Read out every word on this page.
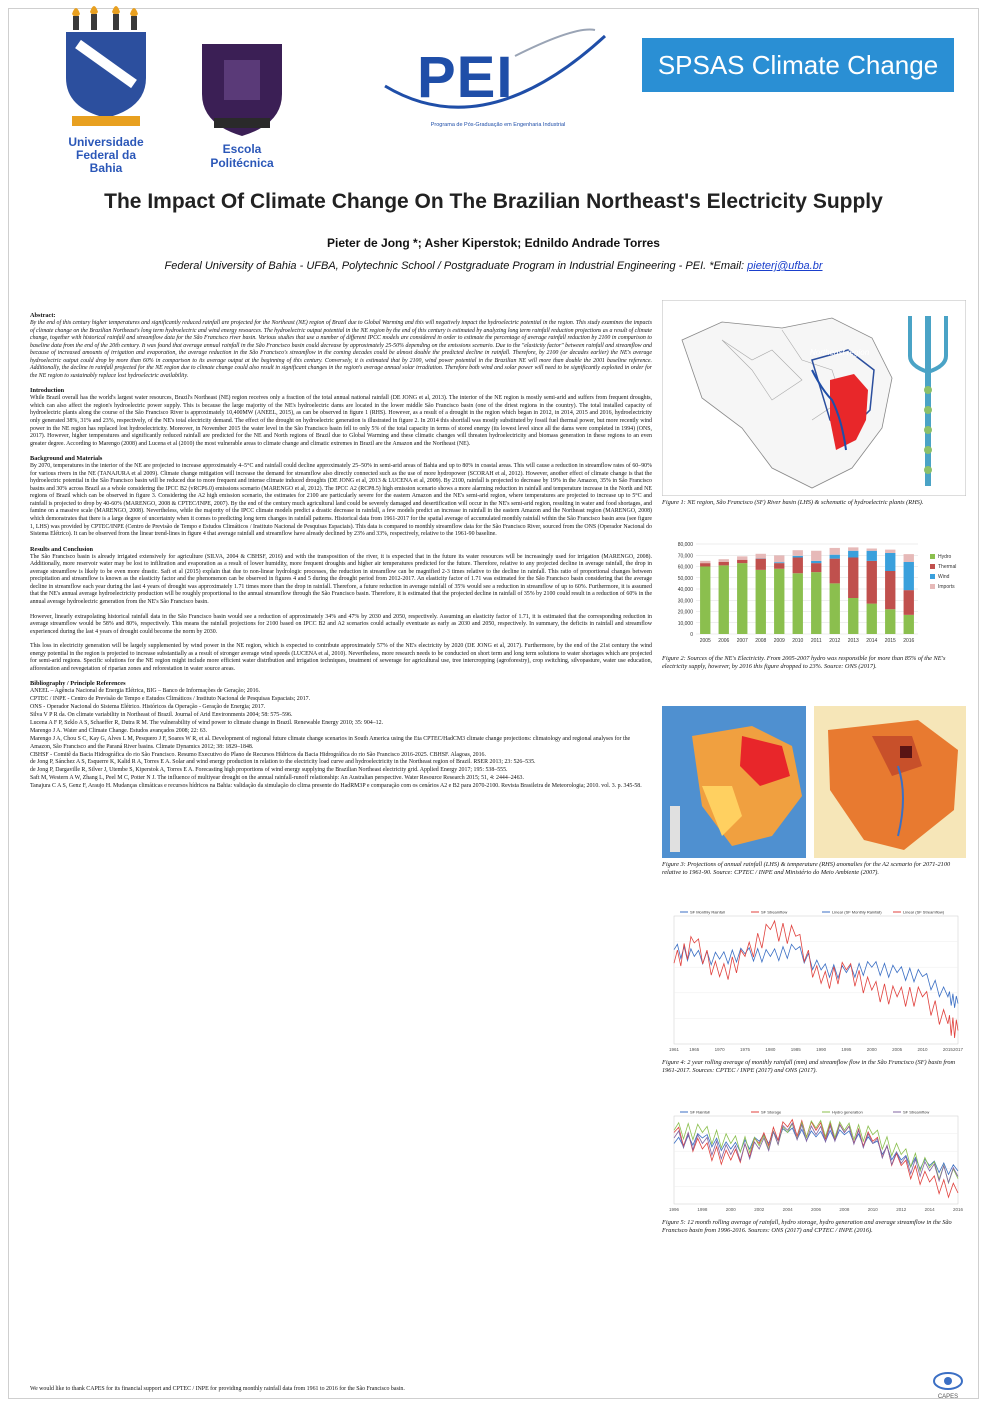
Universidade
Federal da Bahia
Escola Politécnica
PEI
Programa de Pós-Graduação em Engenharia Industrial
SPSAS Climate Change
The Impact Of Climate Change On The Brazilian Northeast's Electricity Supply
Pieter de Jong *; Asher Kiperstok; Ednildo Andrade Torres
Federal University of Bahia - UFBA, Polytechnic School / Postgraduate Program in Industrial Engineering - PEI. *Email: pieterj@ufba.br
Abstract:

By the end of this century higher temperatures and significantly reduced rainfall are projected for the Northeast (NE) region of Brazil due to Global Warming and this will negatively impact the hydroelectric potential in the region. This study examines the impacts of climate change on the Brazilian Northeast's long term hydroelectric and wind energy resources. The hydroelectric output potential in the NE region by the end of this century is estimated by analyzing long term rainfall reduction projections as a result of climate change, together with historical rainfall and streamflow data for the São Francisco river basin. Various studies that use a number of different IPCC models are considered in order to estimate the percentage of average rainfall reduction by 2100 in comparison to baseline data from the end of the 20th century. It was found that average annual rainfall in the São Francisco basin could decrease by approximately 25-50% depending on the emissions scenario. Due to the "elasticity factor" between rainfall and streamflow and because of increased amounts of irrigation and evaporation, the average reduction in the São Francisco's streamflow in the coming decades could be almost double the predicted decline in rainfall. Therefore, by 2100 (or decades earlier) the NE's average hydroelectric output could drop by more than 60% in comparison to its average output at the beginning of this century. Conversely, it is estimated that by 2100, wind power potential in the Brazilian NE will more than double the 2001 baseline reference. Additionally, the decline in rainfall projected for the NE region due to climate change could also result in significant changes in the region's average annual solar irradiation. Therefore both wind and solar power will need to be significantly exploited in order for the NE region to sustainably replace lost hydroelectric availability.

Introduction

While Brazil overall has the world's largest water resources, Brazil's Northeast (NE) region receives only a fraction of the total annual national rainfall (DE JONG et al, 2013). The interior of the NE region is mostly semi-arid and suffers from frequent droughts, which can also affect the region's hydroelectric power supply. This is because the large majority of the NE's hydroelectric dams are located in the lower middle São Francisco basin (one of the driest regions in the country). The total installed capacity of hydroelectric plants along the course of the São Francisco River is approximately 10,400MW (ANEEL, 2015), as can be observed in figure 1 (RHS). However, as a result of a drought in the region which began in 2012, in 2014, 2015 and 2016, hydroelectricity only generated 38%, 31% and 23%, respectively, of the NE's total electricity demand. The effect of the drought on hydroelectric generation is illustrated in figure 2. In 2014 this shortfall was mostly substituted by fossil fuel thermal power, but more recently wind power in the NE region has replaced lost hydroelectricity. Moreover, in November 2015 the water level in the São Francisco basin fell to only 5% of the total capacity in terms of stored energy (its lowest level since all the dams were completed in 1994) (ONS, 2017). However, higher temperatures and significantly reduced rainfall are predicted for the NE and North regions of Brazil due to Global Warming and these climatic changes will threaten hydroelectricity and biomass generation in these regions to an even greater degree. According to Marengo (2008) and Lucena et al (2010) the most vulnerable areas to climate change and climatic extremes in Brazil are the Amazon and the Northeast (NE).

Background and Materials

By 2070, temperatures in the interior of the NE are projected to increase approximately 4–5°C and rainfall could decline approximately 25–50% in semi-arid areas of Bahia and up to 80% in coastal areas. This will cause a reduction in streamflow rates of 60–90% for various rivers in the NE (TANAJURA et al 2009). Climate change mitigation will increase the demand for streamflow also directly connected such as the use of more hydropower (SCORAH et al, 2012). However, another effect of climate change is that the hydroelectric potential in the São Francisco basin will be reduced due to more frequent and intense climate induced droughts (DE JONG et al, 2013 & LUCENA et al, 2009). By 2100, rainfall is projected to decrease by 19% in the Amazon, 35% in São Francisco basins and 30% across Brazil as a whole considering the IPCC B2 (vRCP6.0) emissions scenario (MARENGO et al, 2012). The IPCC A2 (RCP8.5) high emission scenario shows a more alarming reduction in rainfall and temperature increase in the North and NE regions of Brazil which can be observed in figure 3. Considering the A2 high emission scenario, the estimates for 2100 are particularly severe for the eastern Amazon and the NE's semi-arid region, where temperatures are projected to increase up to 5°C and rainfall is projected to drop by 40-60% (MARENGO, 2008 & CPTEC/INPE, 2007). By the end of the century much agricultural land could be severely damaged and desertification will occur in the NE's semi-arid region, resulting in water and food shortages, and famine on a massive scale (MARENGO, 2008). Nevertheless, while the majority of the IPCC climate models predict a drastic decrease in rainfall, a few models predict an increase in rainfall in the eastern Amazon and the Northeast region (MARENGO, 2008) which demonstrates that there is a large degree of uncertainty when it comes to predicting long term changes in rainfall patterns. Historical data from 1961-2017 for the spatial average of accumulated monthly rainfall within the São Francisco basin area (see figure 1, LHS) was provided by CPTEC/INPE (Centro de Previsão de Tempo e Estudos Climáticos / Instituto Nacional de Pesquisas Espaciais). This data is compared to monthly streamflow data for the São Francisco River, sourced from the ONS (Operador Nacional do Sistema Elétrico). It can be observed from the linear trend-lines in figure 4 that average rainfall and streamflow have already declined by 23% and 33%, respectively, relative to the 1961-90 baseline.

Results and Conclusion

The São Francisco basin is already irrigated extensively for agriculture (SILVA, 2004 & CBHSF, 2016) and with the transposition of the river, it is expected that in the future its water resources will be increasingly used for irrigation (MARENGO, 2008). Additionally, more reservoir water may be lost to infiltration and evaporation as a result of lower humidity, more frequent droughts and higher air temperatures predicted for the future. Therefore, relative to any projected decline in average rainfall, the drop in average streamflow is likely to be even more drastic. Saft et al (2015) explain that due to non-linear hydrologic processes, the reduction in streamflow can be magnified 2-3 times relative to the decline in rainfall. This ratio of proportional changes between precipitation and streamflow is known as the elasticity factor and the phenomenon can be observed in figures 4 and 5 during the drought period from 2012-2017. An elasticity factor of 1.71 was estimated for the São Francisco basin considering that the average decline in streamflow each year during the last 4 years of drought was approximately 1.71 times more than the drop in rainfall. Therefore, a future reduction in average rainfall of 35% would see a reduction in streamflow of up to 60%. Furthermore, it is assumed that the NE's annual average hydroelectricity production will be roughly proportional to the annual streamflow through the São Francisco basin. Therefore, it is estimated that the projected decline in rainfall of 35% by 2100 could result in a reduction of 60% in the annual average hydroelectric generation from the NE's São Francisco basin.

However, linearly extrapolating historical rainfall data in the São Francisco basin would see a reduction of approximately 34% and 47% by 2030 and 2050, respectively. Assuming an elasticity factor of 1.71, it is estimated that the corresponding reduction in average streamflow would be 58% and 80%, respectively. This means the rainfall projections for 2100 based on IPCC B2 and A2 scenarios could actually eventuate as early as 2030 and 2050, respectively. In summary, the deficits in rainfall and streamflow experienced during the last 4 years of drought could become the norm by 2030.

This loss in electricity generation will be largely supplemented by wind power in the NE region, which is expected to contribute approximately 57% of the NE's electricity by 2020 (DE JONG et al, 2017). Furthermore, by the end of the 21st century the wind energy potential in the region is projected to increase substantially as a result of stronger average wind speeds (LUCENA et al, 2010). Nevertheless, more research needs to be conducted on short term and long term solutions to water shortages which are projected for semi-arid regions. Specific solutions for the NE region might include more efficient water distribution and irrigation techniques, treatment of sewerage for agricultural use, tree intercropping (agroforestry), crop switching, silvopasture, water use education, afforestation and revegetation of riparian zones and reforestation in water source areas.

Bibliography / Principle References

ANEEL – Agência Nacional de Energia Elétrica, BIG – Banco de Informações de Geração; 2016.

CPTEC / INPE - Centro de Previsão de Tempo e Estudos Climáticos / Instituto Nacional de Pesquisas Espaciais; 2017.

ONS - Operador Nacional do Sistema Elétrico. Históricos da Operação - Geração de Energia; 2017.

Silva V P R da. On climate variability in Northeast of Brazil. Journal of Arid Environments 2004; 58: 575–596.

Lucena A F P, Szklo A S, Schaeffer R, Dutra R M. The vulnerability of wind power to climate change in Brazil. Renewable Energy 2010; 35: 904–12.

Marengo J A. Water and Climate Change. Estudos avançados 2008; 22: 63.

Marengo J A, Chou S C, Kay G, Alves L M, Pesquero J F, Soares W R, et al. Development of regional future climate change scenarios in South America using the Eta CPTEC/HadCM3 climate change projections: climatology and regional analyses for the Amazon, São Francisco and the Paraná River basins. Climate Dynamics 2012; 38: 1829–1848.

CBHSF - Comitê da Bacia Hidrográfica do rio São Francisco. Resumo Executivo do Plano de Recursos Hídricos da Bacia Hidrográfica do rio São Francisco 2016-2025. CBHSF. Alagoas, 2016.

de Jong P, Sánchez A S, Esquerre K, Kalid R A, Torres E A. Solar and wind energy production in relation to the electricity load curve and hydroelectricity in the Northeast region of Brazil. RSER 2013; 23: 526–535.

de Jong P, Dargaville R, Silver J, Utembe S, Kiperstok A, Torres E A. Forecasting high proportions of wind energy supplying the Brazilian Northeast electricity grid. Applied Energy 2017; 195: 538–555.

Saft M, Western A W, Zhang L, Peel M C, Potter N J. The influence of multiyear drought on the annual rainfall-runoff relationship: An Australian perspective. Water Resource Research 2015; 51, 4: 2444–2463.

Tanajura C A S, Genz F, Araujo H. Mudanças climáticas e recursos hídricos na Bahia: validação da simulação do clima presente do HadRM3P e comparação com os cenários A2 e B2 para 2070-2100. Revista Brasileira de Meteorologia; 2010. vol. 3. p. 345-58.

We would like to thank CAPES for its financial support and CPTEC / INPE for providing monthly rainfall data from 1961 to 2016 for the São Francisco basin.
Northeast region
Figure 1: NE region, São Francisco (SF) River basin (LHS) & schematic of hydroelectric plants (RHS).
0
10,000
20,000
30,000
40,000
50,000
60,000
70,000
80,000
2005 2006 2007 2008 2009 2010 2011 2012 2013 2014 2015 2016
Hydro
Thermal
Wind
Imports
Figure 2: Sources of the NE's Electricity. From 2005-2007 hydro was responsible for more than 85% of the NE's electricity supply, however, by 2016 this figure dropped to 23%. Source: ONS (2017).
Figure 3: Projections of annual rainfall (LHS) & temperature (RHS) anomalies for the A2 scenario for 2071-2100 relative to 1961-90. Source: CPTEC / INPE and Ministério do Meio Ambiente (2007).
1961 1965	1970	1975	1980	1985	1990	1995	2000	2005	2010	2015 2017
SF Monthly Rainfall	SF Streamflow	Linear (SF Monthly Rainfall)	Linear (SF Streamflow)
Figure 4: 2 year rolling average of monthly rainfall (mm) and streamflow flow in the São Francisco (SF) basin from 1961-2017. Sources: CPTEC / INPE (2017) and ONS (2017).
1996	1998	2000	2002	2004	2006	2008	2010	2012	2014	2016
SF Rainfall	SF Storage	Hydro generation	SF Streamflow
Figure 5: 12 month rolling average of rainfall, hydro storage, hydro generation and average streamflow in the São Francisco basin from 1996-2016. Sources: ONS (2017) and CPTEC / INPE (2016).
CAPES
